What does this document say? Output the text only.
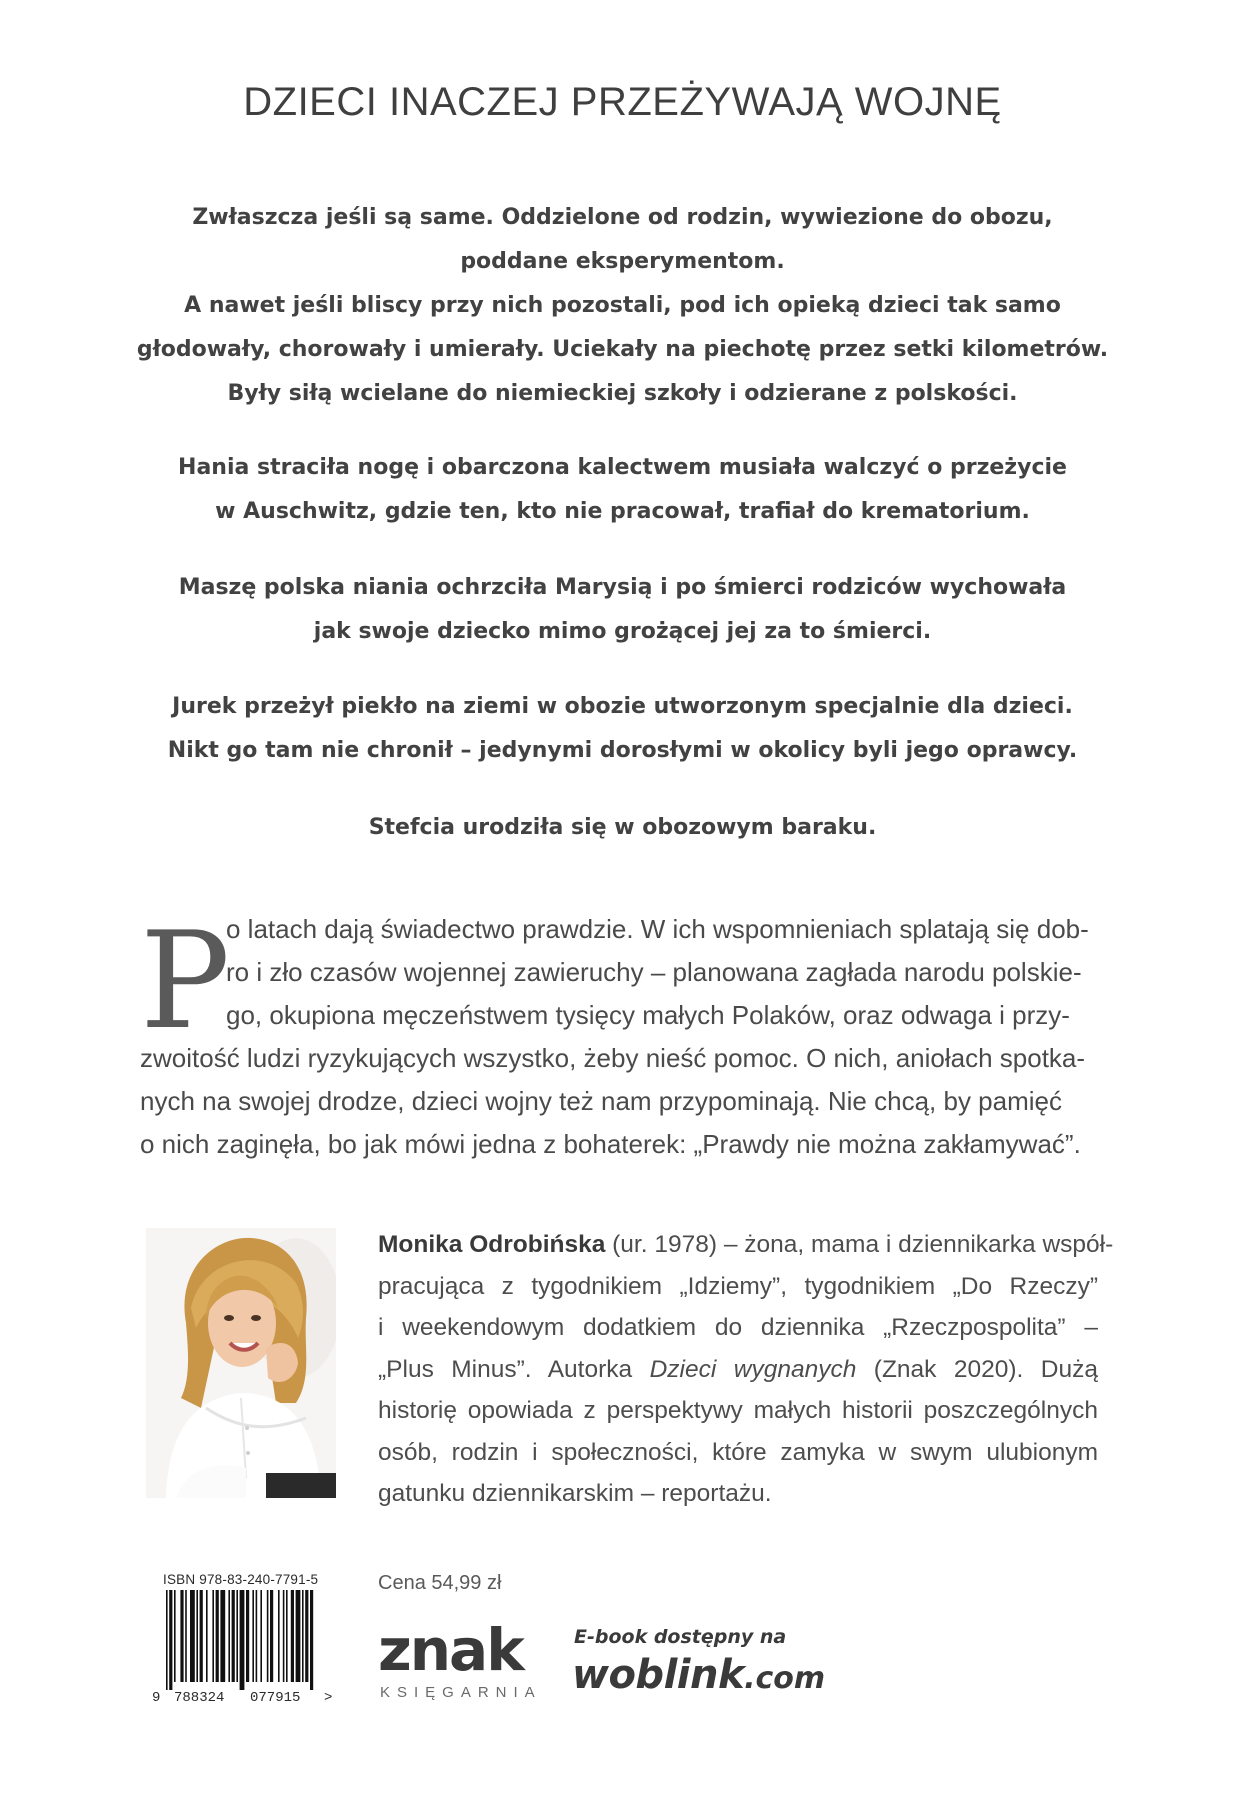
DZIECI INACZEJ PRZEŻYWAJĄ WOJNĘ
Zwłaszcza jeśli są same. Oddzielone od rodzin, wywiezione do obozu,
poddane eksperymentom.
A nawet jeśli bliscy przy nich pozostali, pod ich opieką dzieci tak samo
głodowały, chorowały i umierały. Uciekały na piechotę przez setki kilometrów.
Były siłą wcielane do niemieckiej szkoły i odzierane z polskości.
Hania straciła nogę i obarczona kalectwem musiała walczyć o przeżycie
w Auschwitz, gdzie ten, kto nie pracował, trafiał do krematorium.
Maszę polska niania ochrzciła Marysią i po śmierci rodziców wychowała
jak swoje dziecko mimo grożącej jej za to śmierci.
Jurek przeżył piekło na ziemi w obozie utworzonym specjalnie dla dzieci.
Nikt go tam nie chronił – jedynymi dorosłymi w okolicy byli jego oprawcy.
Stefcia urodziła się w obozowym baraku.
P
o latach dają świadectwo prawdzie. W ich wspomnieniach splatają się dob-
ro i zło czasów wojennej zawieruchy – planowana zagłada narodu polskie-
go, okupiona męczeństwem tysięcy małych Polaków, oraz odwaga i przy-
zwoitość ludzi ryzykujących wszystko, żeby nieść pomoc. O nich, aniołach spotka-
nych na swojej drodze, dzieci wojny też nam przypominają. Nie chcą, by pamięć
o nich zaginęła, bo jak mówi jedna z bohaterek: „Prawdy nie można zakłamywać”.
Monika Odrobińska (ur. 1978) – żona, mama i dziennikarka współ-
pracująca z tygodnikiem „Idziemy”, tygodnikiem „Do Rzeczy”
i weekendowym dodatkiem do dziennika „Rzeczpospolita” –
„Plus Minus”. Autorka Dzieci wygnanych (Znak 2020). Dużą
historię opowiada z perspektywy małych historii poszczególnych
osób, rodzin i społeczności, które zamyka w swym ulubionym
gatunku dziennikarskim – reportażu.
ISBN 978-83-240-7791-5
9 788324 077915 >
Cena 54,99 zł
znak
KSIĘGARNIA
E-book dostępny na
woblink.com
